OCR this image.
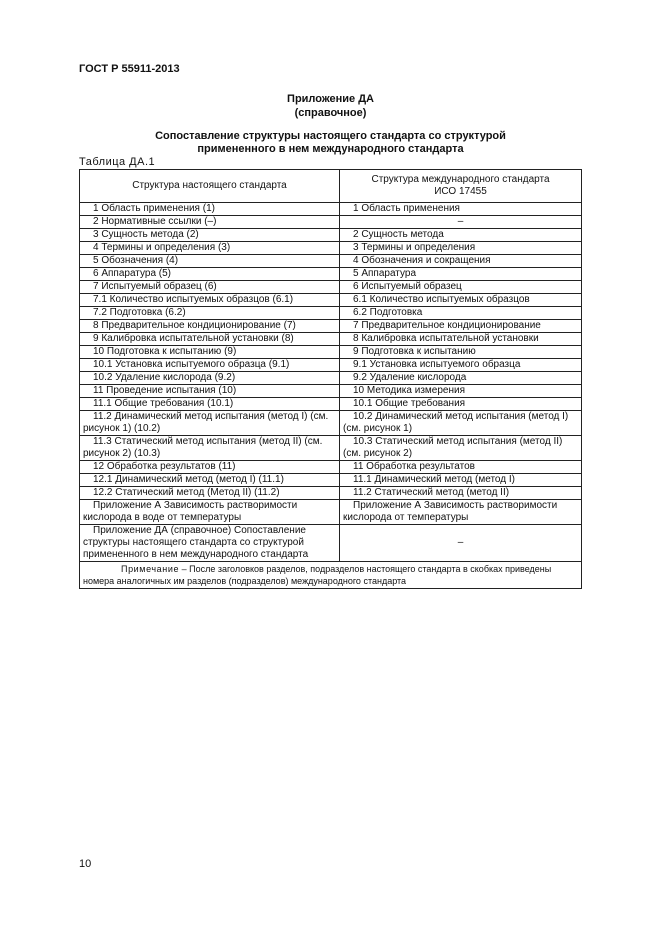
ГОСТ Р 55911-2013
Приложение ДА
(справочное)
Сопоставление структуры настоящего стандарта со структурой
примененного в нем международного стандарта
Таблица ДА.1
Структура настоящего стандарта	Структура международного стандарта
ИСО 17455

1 Область применения (1)	1 Область применения
2 Нормативные ссылки (–)	–
3 Сущность метода (2)	2 Сущность метода
4 Термины и определения (3)	3 Термины и определения
5 Обозначения (4)	4 Обозначения и сокращения
6 Аппаратура (5)	5 Аппаратура
7 Испытуемый образец (6)	6 Испытуемый образец
7.1 Количество испытуемых образцов (6.1)	6.1 Количество испытуемых образцов
7.2 Подготовка (6.2)	6.2 Подготовка
8 Предварительное кондиционирование (7)	7 Предварительное кондиционирование
9 Калибровка испытательной установки (8)	8 Калибровка испытательной установки
10 Подготовка к испытанию (9)	9 Подготовка к испытанию
10.1 Установка испытуемого образца (9.1)	9.1 Установка испытуемого образца
10.2 Удаление кислорода (9.2)	9.2 Удаление кислорода
11 Проведение испытания (10)	10 Методика измерения
11.1 Общие требования (10.1)	10.1 Общие требования
11.2 Динамический метод испытания (метод I) (см. рисунок 1) (10.2)	10.2 Динамический метод испытания (метод I) (см. рисунок 1)
11.3 Статический метод испытания (метод II) (см. рисунок 2) (10.3)	10.3 Статический метод испытания (метод II) (см. рисунок 2)
12 Обработка результатов (11)	11 Обработка результатов
12.1 Динамический метод (метод I) (11.1)	11.1 Динамический метод (метод I)
12.2 Статический метод (Метод II) (11.2)	11.2 Статический метод (метод II)
Приложение А Зависимость растворимости кислорода в воде от температуры	Приложение А Зависимость растворимости кислорода от температуры
Приложение ДА (справочное) Сопоставление структуры настоящего стандарта со структурой примененного в нем международного стандарта	–
Примечание – После заголовков разделов, подразделов настоящего стандарта в скобках приведены номера аналогичных им разделов (подразделов) международного стандарта	
10
